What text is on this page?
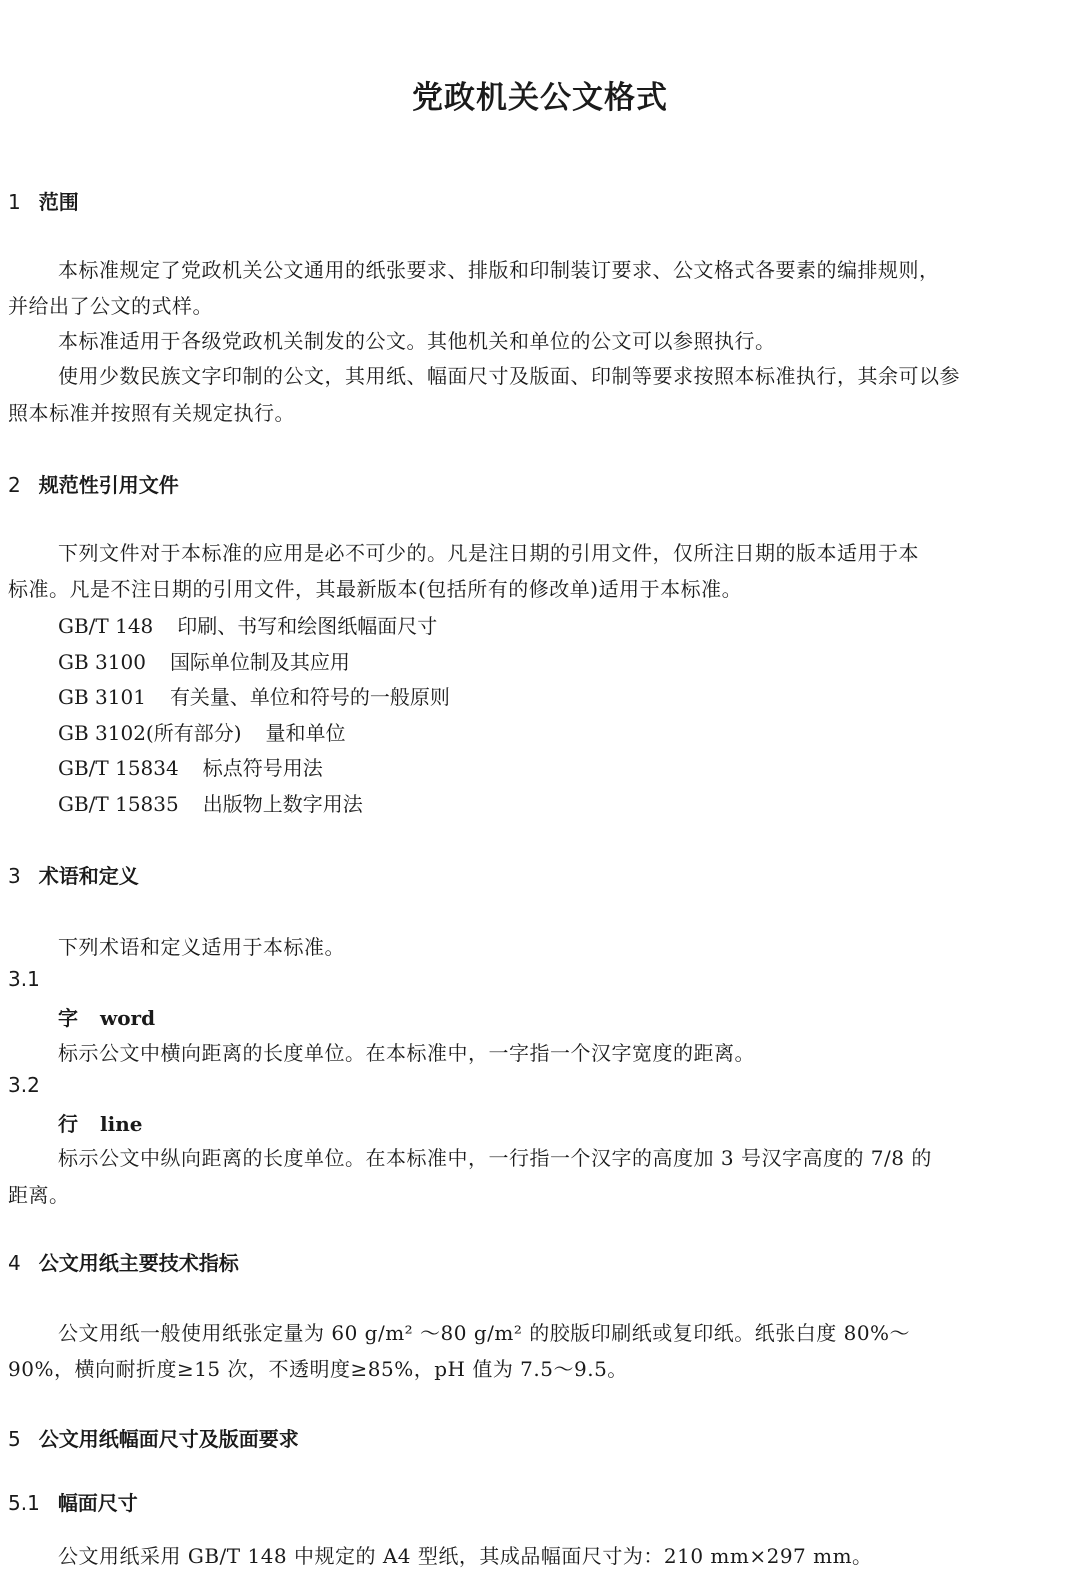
党政机关公文格式
1 范围
本标准规定了党政机关公文通用的纸张要求、排版和印制装订要求、公文格式各要素的编排规则，
并给出了公文的式样。
本标准适用于各级党政机关制发的公文。其他机关和单位的公文可以参照执行。
使用少数民族文字印制的公文，其用纸、幅面尺寸及版面、印制等要求按照本标准执行，其余可以参
照本标准并按照有关规定执行。
2 规范性引用文件
下列文件对于本标准的应用是必不可少的。凡是注日期的引用文件，仅所注日期的版本适用于本
标准。凡是不注日期的引用文件，其最新版本(包括所有的修改单)适用于本标准。
GB/T 148 印刷、书写和绘图纸幅面尺寸
GB 3100 国际单位制及其应用
GB 3101 有关量、单位和符号的一般原则
GB 3102(所有部分) 量和单位
GB/T 15834 标点符号用法
GB/T 15835 出版物上数字用法
3 术语和定义
下列术语和定义适用于本标准。
3.1
字 word
标示公文中横向距离的长度单位。在本标准中，一字指一个汉字宽度的距离。
3.2
行 line
标示公文中纵向距离的长度单位。在本标准中，一行指一个汉字的高度加 3 号汉字高度的 7/8 的
距离。
4 公文用纸主要技术指标
公文用纸一般使用纸张定量为 60 g/m² ～80 g/m² 的胶版印刷纸或复印纸。纸张白度 80%～
90%，横向耐折度≥15 次，不透明度≥85%，pH 值为 7.5～9.5。
5 公文用纸幅面尺寸及版面要求
5.1 幅面尺寸
公文用纸采用 GB/T 148 中规定的 A4 型纸，其成品幅面尺寸为：210 mm×297 mm。
